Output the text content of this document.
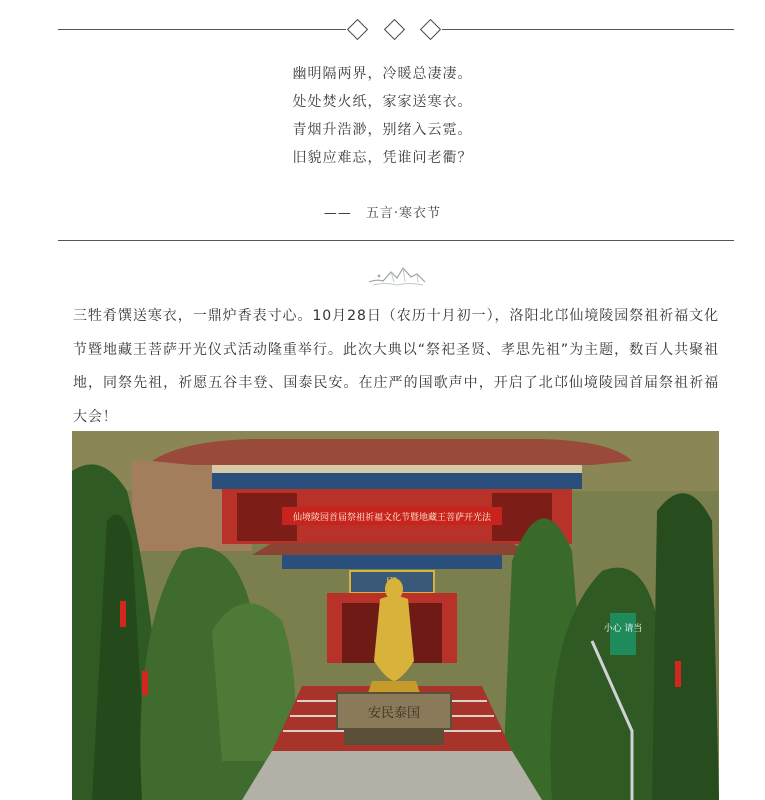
幽明隔两界，冷暖总凄凄。
处处焚火纸，家家送寒衣。
青烟升浩渺，别绪入云霓。
旧貌应难忘，凭谁问老衢？
—— 五言·寒衣节
三牲肴馔送寒衣，一鼎炉香表寸心。10月28日（农历十月初一），洛阳北邙仙境陵园祭祖祈福文化节暨地藏王菩萨开光仪式活动隆重举行。此次大典以“祭祀圣贤、孝思先祖”为主题，数百人共聚祖地，同祭先祖，祈愿五谷丰登、国泰民安。在庄严的国歌声中，开启了北邙仙境陵园首届祭祖祈福大会！
仙境陵园首届祭祖祈福文化节暨地藏王菩萨开光法
小心 请当
安民泰国
